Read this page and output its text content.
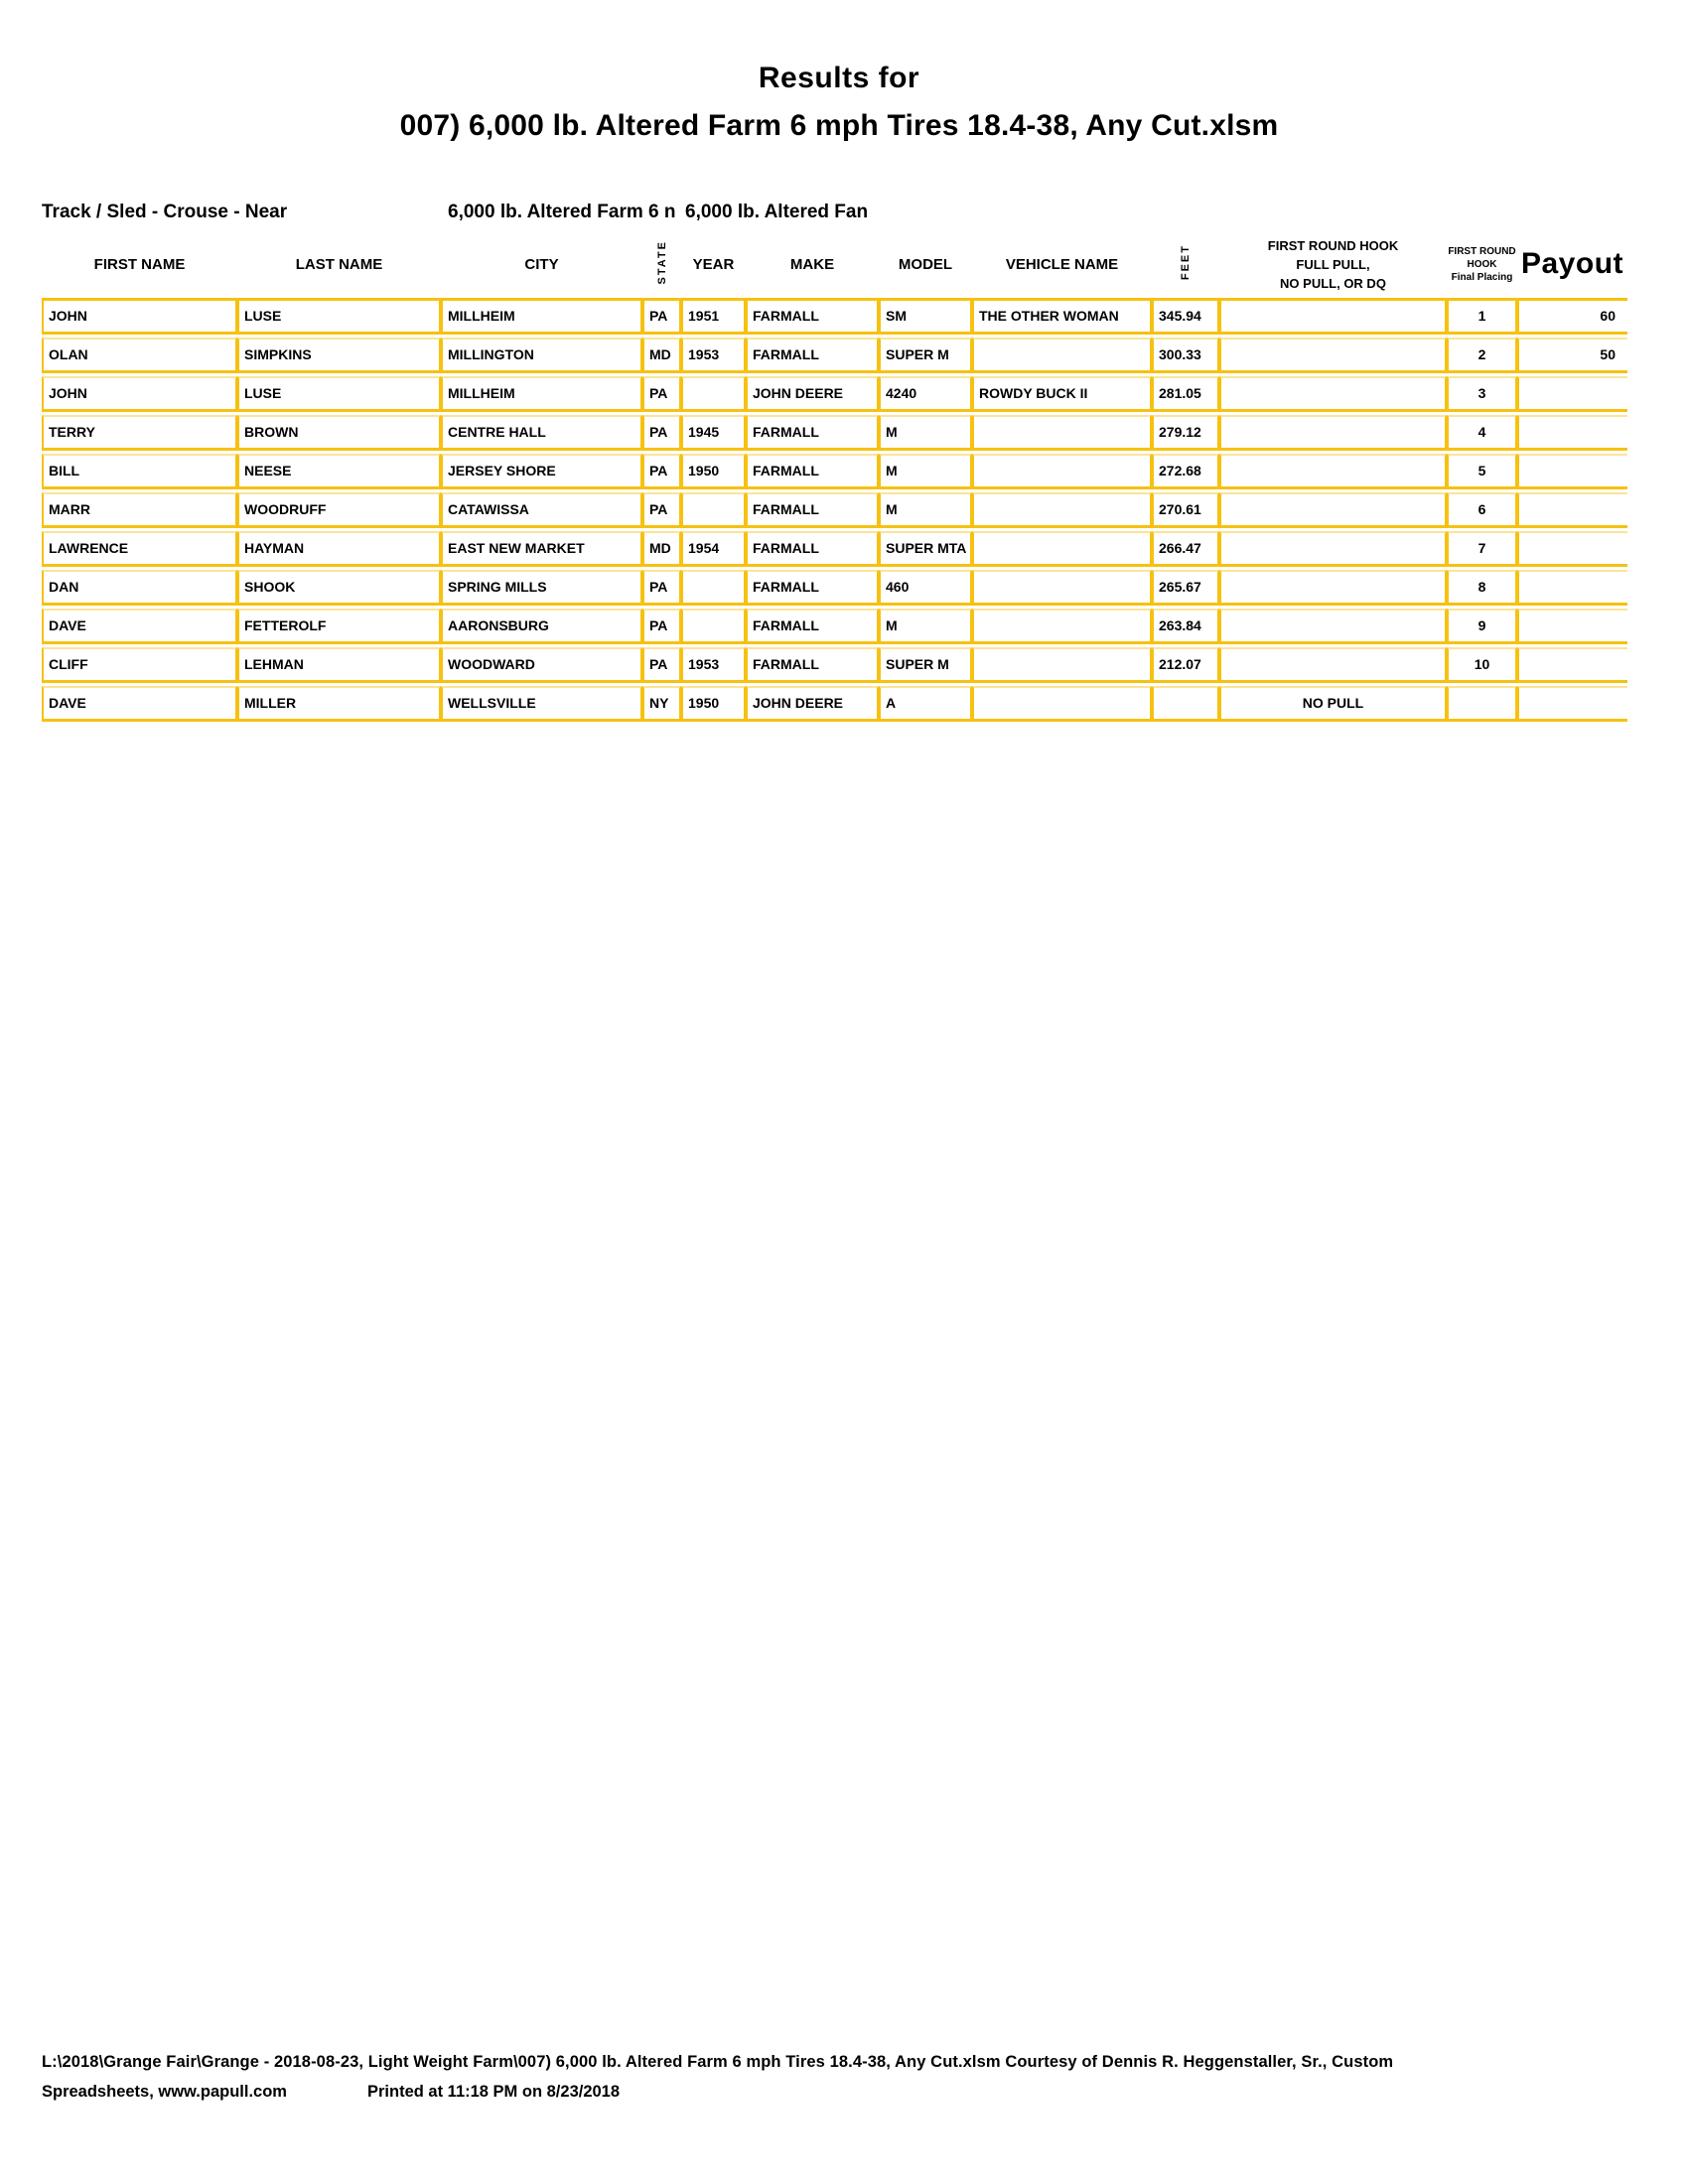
Results for
007) 6,000 lb. Altered Farm 6 mph Tires 18.4-38, Any Cut.xlsm
Track / Sled - Crouse - Near	6,000 lb. Altered Farm 6 n 6,000 lb. Altered Fan
FIRST NAME	LAST NAME	CITY	STATE	YEAR	MAKE	MODEL	VEHICLE NAME	FEET	FIRST ROUND HOOK
FULL PULL,
NO PULL, OR DQ

FIRST ROUND
HOOK
Final Placing	Payout
JOHN	LUSE	MILLHEIM	PA	1951	FARMALL	SM	THE OTHER WOMAN	345.94		1	60
OLAN	SIMPKINS	MILLINGTON	MD	1953	FARMALL	SUPER M		300.33		2	50
JOHN	LUSE	MILLHEIM	PA		JOHN DEERE	4240	ROWDY BUCK II	281.05		3	
TERRY	BROWN	CENTRE HALL	PA	1945	FARMALL	M		279.12		4	
BILL	NEESE	JERSEY SHORE	PA	1950	FARMALL	M		272.68		5	
MARR	WOODRUFF	CATAWISSA	PA		FARMALL	M		270.61		6	
LAWRENCE	HAYMAN	EAST NEW MARKET	MD	1954	FARMALL	SUPER MTA		266.47		7	
DAN	SHOOK	SPRING MILLS	PA		FARMALL	460		265.67		8	
DAVE	FETTEROLF	AARONSBURG	PA		FARMALL	M		263.84		9	
CLIFF	LEHMAN	WOODWARD	PA	1953	FARMALL	SUPER M		212.07		10	
DAVE	MILLER	WELLSVILLE	NY	1950	JOHN DEERE	A			NO PULL		
L:\2018\Grange Fair\Grange - 2018-08-23, Light Weight Farm\007) 6,000 lb. Altered Farm 6 mph Tires 18.4-38, Any Cut.xlsm Courtesy of Dennis R. Heggenstaller, Sr., Custom
Spreadsheets, www.papull.com	Printed at 11:18 PM on 8/23/2018
